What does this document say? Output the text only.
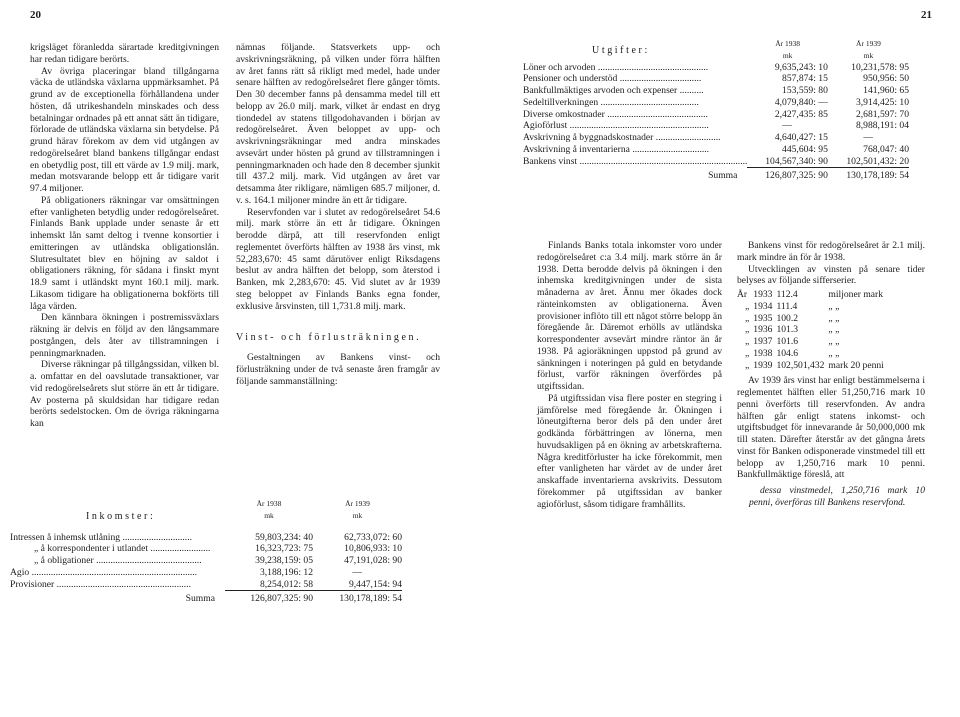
20	21

krigsläget föranledda särartade kreditgivningen har redan tidigare berörts.

Av övriga placeringar bland tillgångarna väcka de utländska växlarna uppmärksamhet. På grund av de exceptionella förhållandena under hösten, då utrikeshandeln minskades och dess betalningar ordnades på ett annat sätt än tidigare, förlorade de utländska växlarna sin betydelse. På grund härav förekom av dem vid utgången av redogörelseåret bland bankens tillgångar endast en obetydlig post, till ett värde av 1.9 milj. mark, medan motsvarande belopp ett år tidigare varit 97.4 miljoner.

På obligationers räkningar var omsättningen efter vanligheten betydlig under redogörelseåret. Finlands Bank upplade under senaste år ett inhemskt lån samt deltog i tvenne konsortier i emitteringen av utländska obligationslån. Slutresultatet blev en höjning av saldot i obligationers räkning, för sådana i finskt mynt 18.9 samt i utländskt mynt 160.1 milj. mark. Likasom tidigare ha obligationerna bokförts till låga värden.

Den kännbara ökningen i postremissväxlars räkning är delvis en följd av den långsammare postgången, dels åter av tillstramningen i penningmarknaden.

Diverse räkningar på tillgångssidan, vilken bl. a. omfattar en del oavslutade transaktioner, var vid redogörelseårets slut större än ett år tidigare. Av posterna på skuldsidan har tidigare redan berörts sedelstocken. Om de övriga räkningarna kan

nämnas följande. Statsverkets upp- och avskrivningsräkning, på vilken under förra hälften av året fanns rätt så rikligt med medel, hade under senare hälften av redogörelseåret flere gånger tömts. Den 30 december fanns på densamma medel till ett belopp av 26.0 milj. mark, vilket är endast en dryg tiondedel av statens tillgodohavanden i början av redogörelseåret. Även beloppet av upp- och avskrivningsräkningar med andra minskades avsevärt under hösten på grund av tillstramningen i penningmarknaden och hade den 8 december sjunkit till 437.2 milj. mark. Vid utgången av året var detsamma åter rikligare, nämligen 685.7 miljoner, d. v. s. 164.1 miljoner mindre än ett år tidigare.

Reservfonden var i slutet av redogörelseåret 54.6 milj. mark större än ett år tidigare. Ökningen berodde därpå, att till reservfonden enligt reglementet överförts hälften av 1938 års vinst, mk 52,283,670: 45 samt därutöver enligt Riksdagens beslut av andra hälften det belopp, som återstod i Banken, mk 2,283,670: 45. Vid slutet av år 1939 steg beloppet av Finlands Banks egna fonder, exklusive årsvinsten, till 1,731.8 milj. mark.

Vinst- och förlusträkningen.

Gestaltningen av Bankens vinst- och förlusträkning under de två senaste åren framgår av följande sammanställning:

Inkomster:
	År 1938
mk	År 1939
mk

Intressen å inhemsk utlåning .............................	59,803,234: 40	62,733,072: 60
„ å korrespondenter i utlandet .........................	16,323,723: 75	10,806,933: 10
„ å obligationer ............................................	39,238,159: 05	47,191,028: 90
Agio .....................................................................	3,188,196: 12	—
Provisioner ........................................................	8,254,012: 58	9,447,154: 94
Summa	126,807,325: 90	130,178,189: 54
Utgifter:
	År 1938
mk	År 1939
mk
Löner och arvoden ..............................................	9,635,243: 10	10,231,578: 95
Pensioner och understöd ..................................	857,874: 15	950,956: 50
Bankfullmäktiges arvoden och expenser ..........	153,559: 80	141,960: 65
Sedeltillverkningen .........................................	4,079,840: —	3,914,425: 10
Diverse omkostnader ..........................................	2,427,435: 85	2,681,597: 70
Agioförlust ..........................................................	—	8,988,191: 04
Avskrivning å byggnadskostnader ...........................	4,640,427: 15	—
Avskrivning å inventarierna ................................	445,604: 95	768,047: 40
Bankens vinst ......................................................................	104,567,340: 90	102,501,432: 20
Summa	126,807,325: 90	130,178,189: 54

Finlands Banks totala inkomster voro under redogörelseåret c:a 3.4 milj. mark större än år 1938. Detta berodde delvis på ökningen i den inhemska kreditgivningen under de sista månaderna av året. Ännu mer ökades dock räntеinkomsten av obligationerna. Även provisioner inflöto till ett något större belopp än föregående år. Däremot erhölls av utländska korrespondenter avsevärt mindre räntor än år 1938. På agioräkningen uppstod på grund av sänkningen i noteringen på guld en betydande förlust, varför räkningen överfördes på utgiftssidan.

På utgiftssidan visa flere poster en stegring i jämförelse med föregående år. Ökningen i lönеutgifterna beror dels på den under året godkända förbättringen av lönerna, men huvudsakligen på en ökning av arbetskrafterna. Några kreditförluster ha icke förekommit, men efter vanligheten har värdet av de under året anskaffade inventarierna avskrivits. Dessutom förekommer på utgiftssidan av banker agioförlust, såsom tidigare framhållits.

Bankens vinst för redogörelseåret är 2.1 milj. mark mindre än för år 1938.

Utvecklingen av vinsten på senare tider belyses av följande sifferserier.

År	1933	112.4	miljoner mark
„	1934	111.4	„ „
„	1935	100.2	„ „
„	1936	101.3	„ „
„	1937	101.6	„ „
„	1938	104.6	„ „
„	1939	102,501,432	mark 20 penni

Av 1939 års vinst har enligt bestämmelserna i reglementet hälften eller 51,250,716 mark 10 penni överförts till reservfonden. Av andra hälften går enligt statens inkomst- och utgiftsbudget för innevarande år 50,000,000 mk till staten. Därefter återstår av det gångna årets vinst för Banken odisponerade vinstmedel till ett belopp av 1,250,716 mark 10 penni. Bankfullmäktige föreslå, att

dessa vinstmedel, 1,250,716 mark 10 penni, överföras till Bankens reservfond.
